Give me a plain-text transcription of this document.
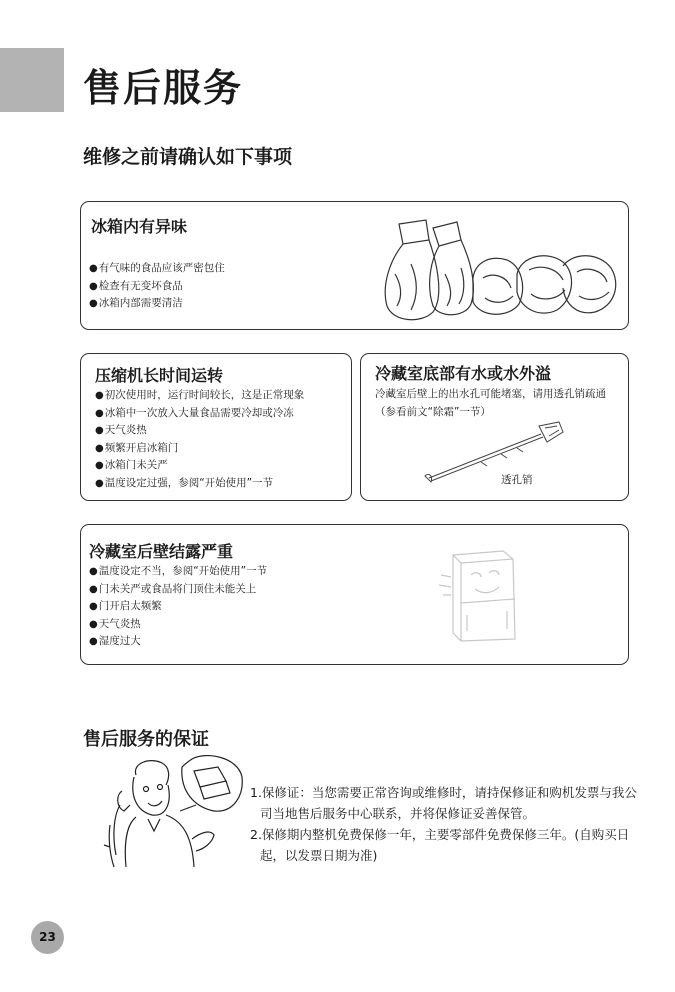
售后服务
维修之前请确认如下事项
冰箱内有异味
● 有气味的食品应该严密包住
● 检查有无变坏食品
● 冰箱内部需要清洁
压缩机长时间运转
● 初次使用时，运行时间较长，这是正常现象
● 冰箱中一次放入大量食品需要冷却或冷冻
● 天气炎热
● 频繁开启冰箱门
● 冰箱门未关严
● 温度设定过强，参阅“开始使用”一节
冷藏室底部有水或水外溢
冷藏室后壁上的出水孔可能堵塞，请用透孔销疏通（参看前文“除霜”一节）
透孔销
冷藏室后壁结露严重
● 温度设定不当，参阅“开始使用”一节
● 门未关严或食品将门顶住未能关上
● 门开启太频繁
● 天气炎热
● 湿度过大
售后服务的保证

1.保修证：当您需要正常咨询或维修时，请持保修证和购机发票与我公司当地售后服务中心联系，并将保修证妥善保管。

2.保修期内整机免费保修一年，主要零部件免费保修三年。(自购买日起，以发票日期为准)

23
